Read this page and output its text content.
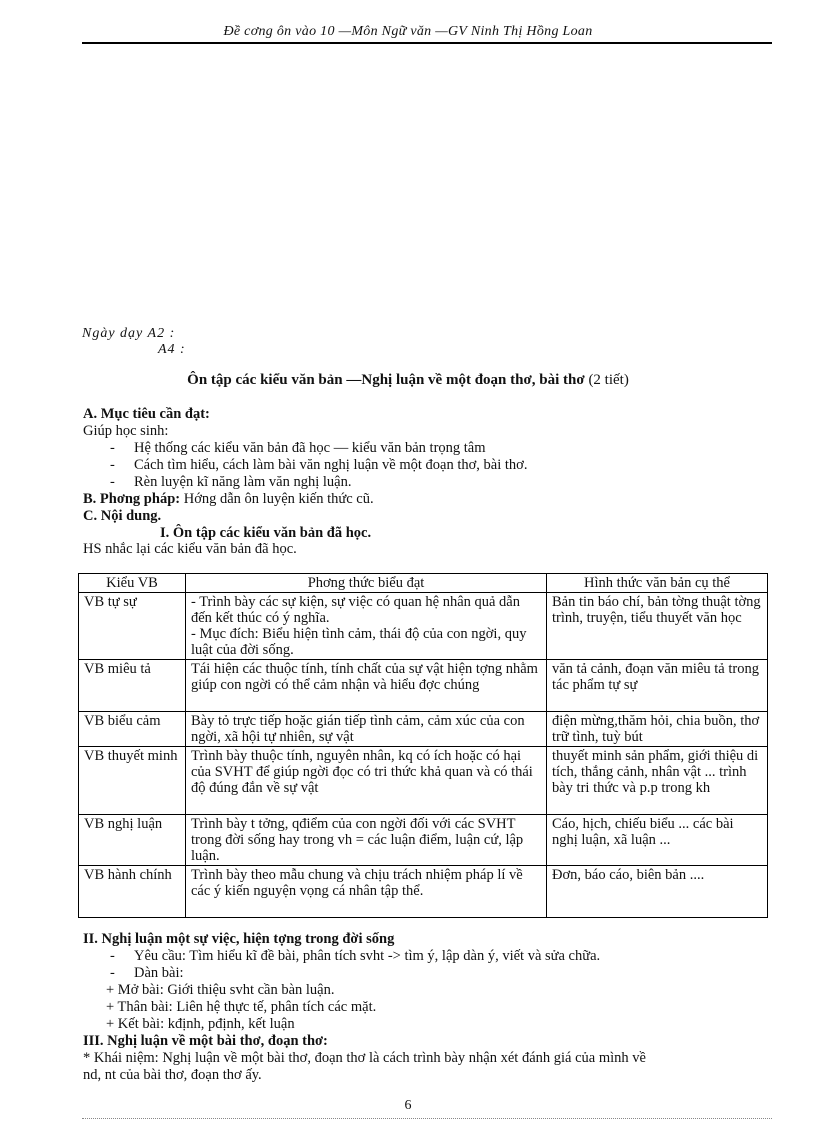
Đề cơng ôn vào 10 —Môn Ngữ văn —GV Ninh Thị Hồng Loan
Ngày dạy A2 :
A4 :
Ôn tập các kiểu văn bản —Nghị luận về một đoạn thơ, bài thơ (2 tiết)
A. Mục tiêu cần đạt:
Giúp học sinh:
- Hệ thống các kiểu văn bản đã học — kiểu văn bản trọng tâm
- Cách tìm hiểu, cách làm bài văn nghị luận về một đoạn thơ, bài thơ.
- Rèn luyện kĩ năng làm văn nghị luận.
B. Phơng pháp: Hớng dẫn ôn luyện kiến thức cũ.
C. Nội dung.
I. Ôn tập các kiểu văn bản đã học.
HS nhắc lại các kiểu văn bản đã học.
Kiểu VB	Phơng thức biểu đạt	Hình thức văn bản cụ thể
VB tự sự	- Trình bày các sự kiện, sự việc có quan hệ nhân quả dẫn đến kết thúc có ý nghĩa.
- Mục đích: Biểu hiện tình cảm, thái độ của con ngời, quy luật của đời sống.	Bản tin báo chí, bản tờng thuật tờng trình, truyện, tiểu thuyết văn học
VB miêu tả	Tái hiện các thuộc tính, tính chất của sự vật hiện tợng nhằm giúp con ngời có thể cảm nhận và hiểu đợc chúng	văn tả cảnh, đoạn văn miêu tả trong tác phẩm tự sự
VB biểu cảm	Bày tỏ trực tiếp hoặc gián tiếp tình cảm, cảm xúc của con ngời, xã hội tự nhiên, sự vật	điện mừng,thăm hỏi, chia buồn, thơ trữ tình, tuỳ bút
VB thuyết minh	Trình bày thuộc tính, nguyên nhân, kq có ích hoặc có hại của SVHT để giúp ngời đọc có tri thức khả quan và có thái độ đúng đắn về sự vật	thuyết minh sản phẩm, giới thiệu di tích, thắng cảnh, nhân vật ... trình bày tri thức và p.p trong kh
VB nghị luận	Trình bày t tởng, qđiểm của con ngời đối với các SVHT trong đời sống hay trong vh = các luận điểm, luận cứ, lập luận.	Cáo, hịch, chiếu biểu ... các bài nghị luận, xã luận ...
VB hành chính	Trình bày theo mẫu chung và chịu trách nhiệm pháp lí về các ý kiến nguyện vọng cá nhân tập thể.	Đơn, báo cáo, biên bản ....
II. Nghị luận một sự việc, hiện tợng trong đời sống
- Yêu cầu: Tìm hiểu kĩ đề bài, phân tích svht -> tìm ý, lập dàn ý, viết và sửa chữa.
- Dàn bài:
+ Mở bài: Giới thiệu svht cần bàn luận.
+ Thân bài: Liên hệ thực tế, phân tích các mặt.
+ Kết bài: kđịnh, pđịnh, kết luận
III. Nghị luận về một bài thơ, đoạn thơ:
* Khái niệm: Nghị luận về một bài thơ, đoạn thơ là cách trình bày nhận xét đánh giá của mình về
nd, nt của bài thơ, đoạn thơ ấy.
6
